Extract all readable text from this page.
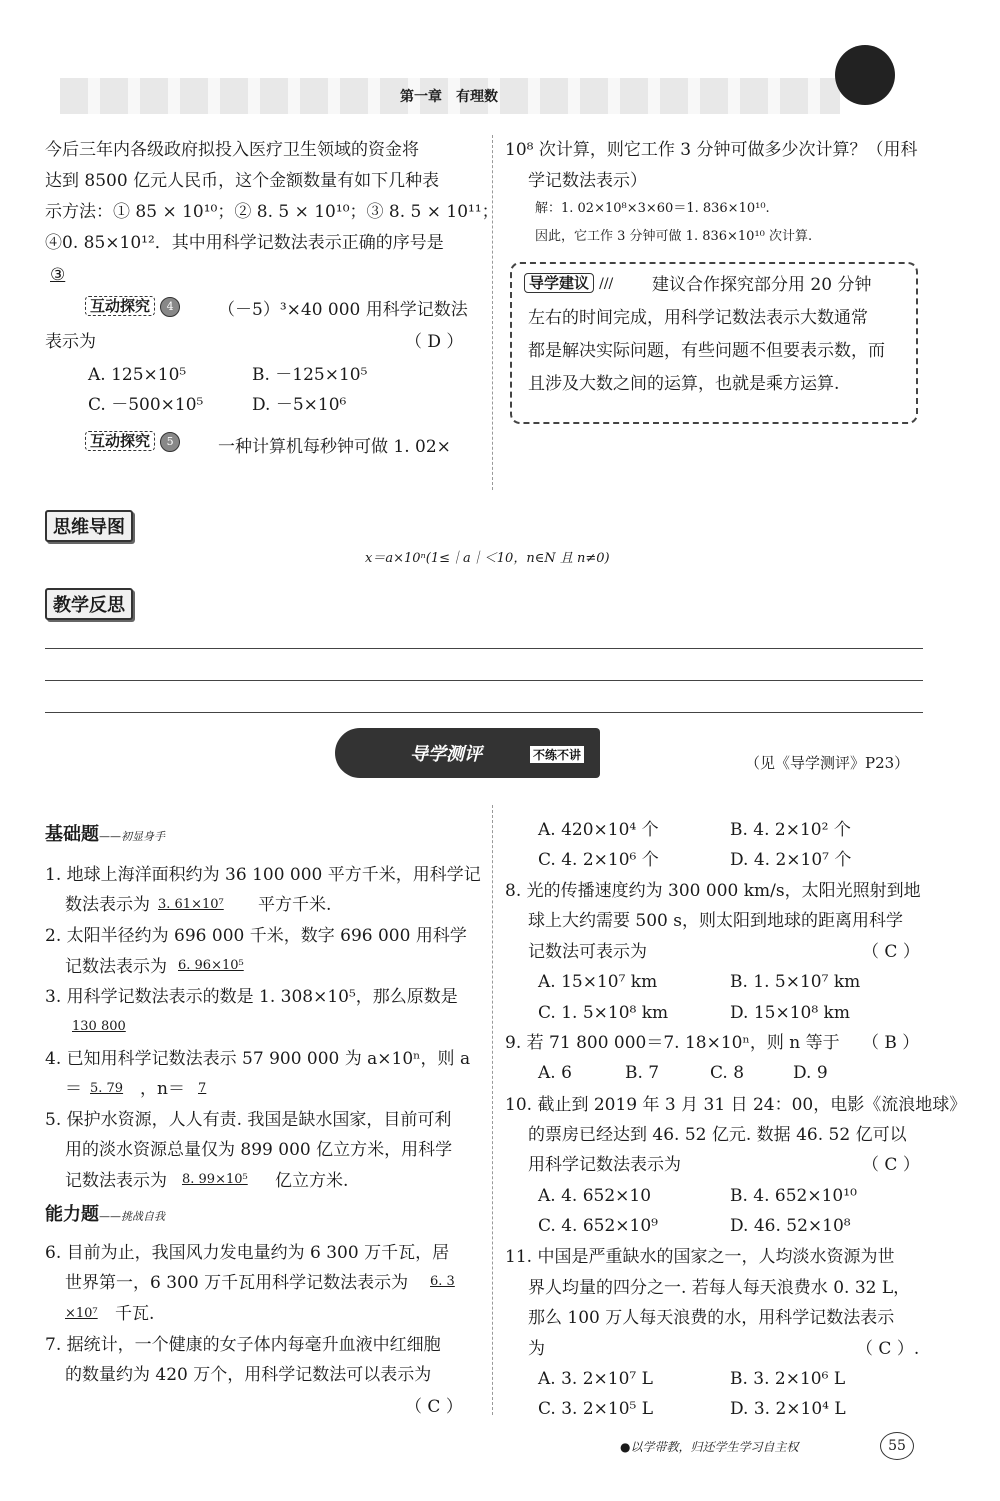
第一章　有理数
今后三年内各级政府拟投入医疗卫生领域的资金将
达到 8500 亿元人民币，这个金额数量有如下几种表
示方法：① 85 × 10¹⁰；② 8. 5 × 10¹⁰；③ 8. 5 × 10¹¹；
④0. 85×10¹²．其中用科学记数法表示正确的序号是
③
互动探究 4	（－5）³×40 000 用科学记数法
表示为	（ D ）
A. 125×10⁵	B. －125×10⁵
C. －500×10⁵	D. －5×10⁶
互动探究 5	一种计算机每秒钟可做 1. 02×
10⁸ 次计算，则它工作 3 分钟可做多少次计算？（用科
学记数法表示）
解：1. 02×10⁸×3×60＝1. 836×10¹⁰.
因此，它工作 3 分钟可做 1. 836×10¹⁰ 次计算.
导学建议 /// 建议合作探究部分用 20 分钟
左右的时间完成，用科学记数法表示大数通常
都是解决实际问题，有些问题不但要表示数，而
且涉及大数之间的运算，也就是乘方运算.
思维导图
x＝a×10ⁿ(1≤｜a｜＜10，n∈N 且 n≠0)
教学反思
导学测评	不练不讲	（见《导学测评》P23）
基础题——初显身手
1. 地球上海洋面积约为 36 100 000 平方千米，用科学记
数法表示为 3. 61×10⁷ 平方千米.
2. 太阳半径约为 696 000 千米，数字 696 000 用科学
记数法表示为 6. 96×10⁵
3. 用科学记数法表示的数是 1. 308×10⁵，那么原数是
130 800
4. 已知用科学记数法表示 57 900 000 为 a×10ⁿ，则 a
＝ 5. 79 ，n＝ 7
5. 保护水资源，人人有责. 我国是缺水国家，目前可利
用的淡水资源总量仅为 899 000 亿立方米，用科学
记数法表示为 8. 99×10⁵ 亿立方米.
能力题——挑战自我
6. 目前为止，我国风力发电量约为 6 300 万千瓦，居
世界第一，6 300 万千瓦用科学记数法表示为 6. 3
×10⁷ 千瓦.
7. 据统计，一个健康的女子体内每毫升血液中红细胞
的数量约为 420 万个，用科学记数法可以表示为
（ C ）
A. 420×10⁴ 个	B. 4. 2×10² 个
C. 4. 2×10⁶ 个	D. 4. 2×10⁷ 个
8. 光的传播速度约为 300 000 km/s，太阳光照射到地
球上大约需要 500 s，则太阳到地球的距离用科学
记数法可表示为	（ C ）
A. 15×10⁷ km	B. 1. 5×10⁷ km
C. 1. 5×10⁸ km	D. 15×10⁸ km
9. 若 71 800 000＝7. 18×10ⁿ，则 n 等于 （ B ）
A. 6	B. 7	C. 8	D. 9
10. 截止到 2019 年 3 月 31 日 24：00，电影《流浪地球》
的票房已经达到 46. 52 亿元. 数据 46. 52 亿可以
用科学记数法表示为	（ C ）
A. 4. 652×10	B. 4. 652×10¹⁰
C. 4. 652×10⁹	D. 46. 52×10⁸
11. 中国是严重缺水的国家之一，人均淡水资源为世
界人均量的四分之一. 若每人每天浪费水 0. 32 L，
那么 100 万人每天浪费的水，用科学记数法表示
为	（ C ）.
A. 3. 2×10⁷ L	B. 3. 2×10⁶ L
C. 3. 2×10⁵ L	D. 3. 2×10⁴ L
●以学带教，归还学生学习自主权	55
